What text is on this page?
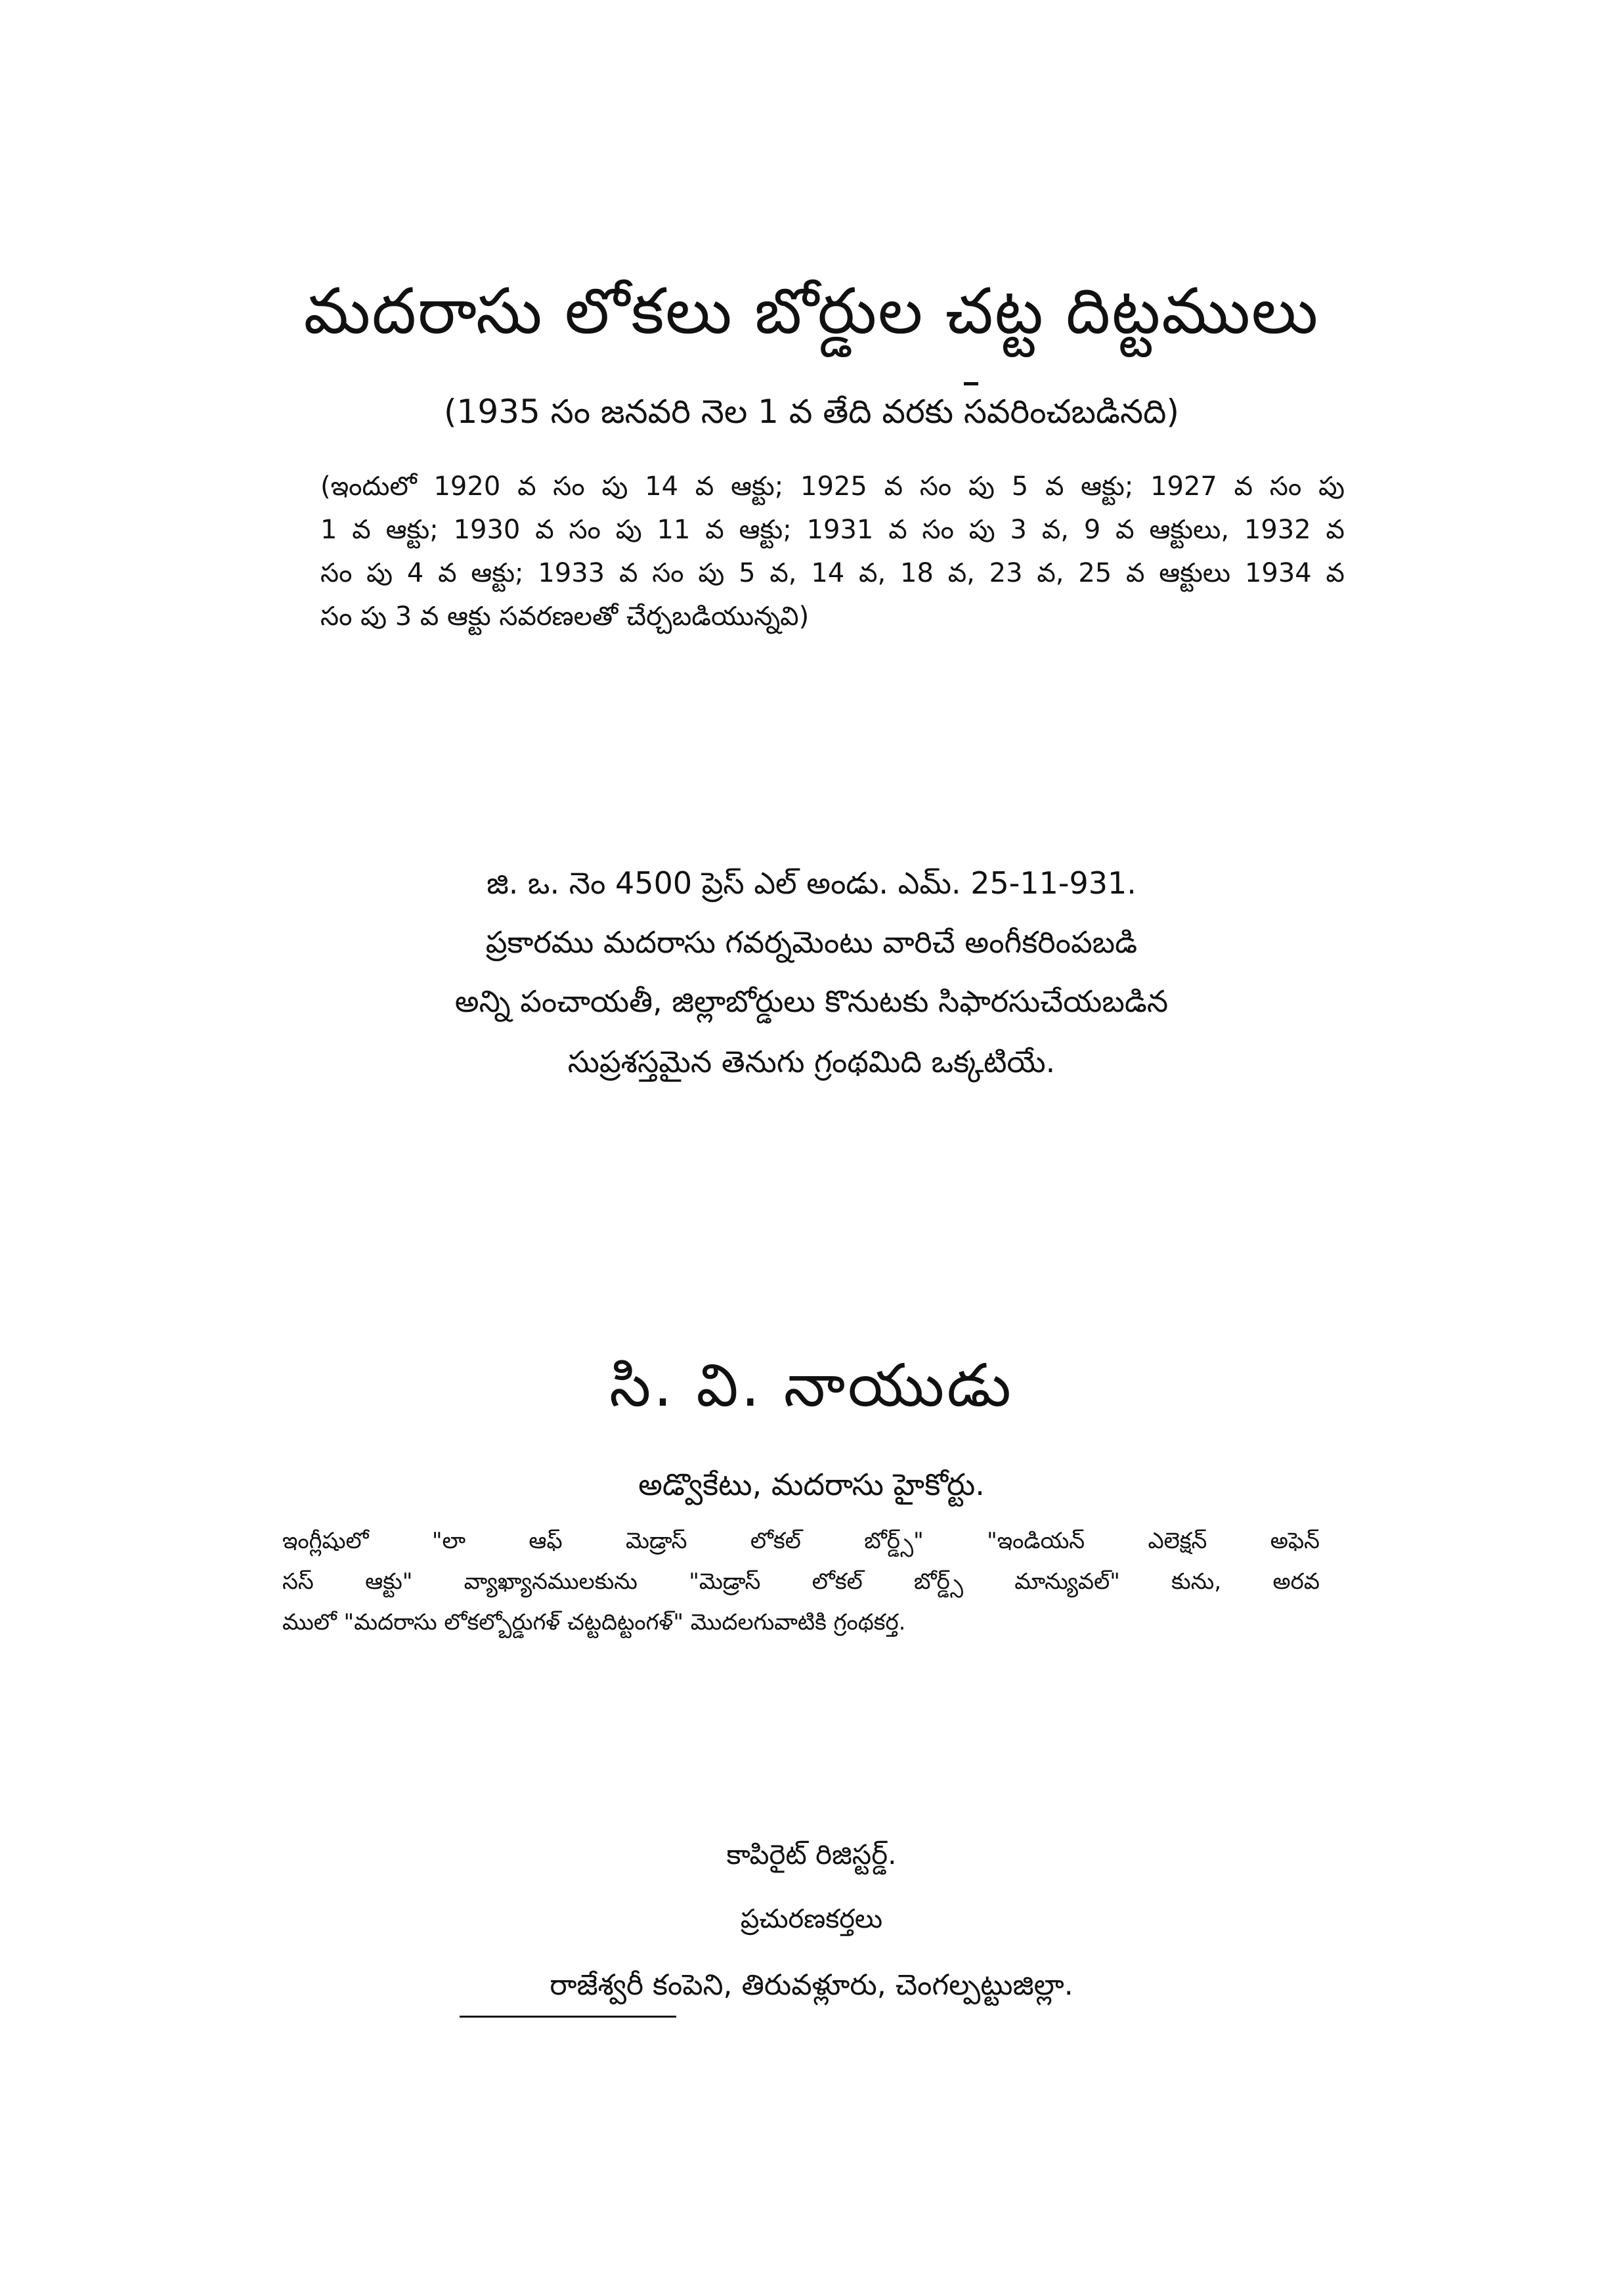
మదరాసు లోకలు బోర్డుల చట్ట దిట్టములు
(1935 సం జనవరి నెల 1 వ తేది వరకు సవరించబడినది)
(ఇందులో 1920 వ సం పు 14 వ ఆక్టు; 1925 వ సం పు 5 వ ఆక్టు; 1927 వ సం పు
1 వ ఆక్టు; 1930 వ సం పు 11 వ ఆక్టు; 1931 వ సం పు 3 వ, 9 వ ఆక్టులు, 1932 వ
సం పు 4 వ ఆక్టు; 1933 వ సం పు 5 వ, 14 వ, 18 వ, 23 వ, 25 వ ఆక్టులు 1934 వ
సం పు 3 వ ఆక్టు సవరణలతో చేర్చబడియున్నవి)
జి. ఒ. నెం 4500 ప్రెస్ ఎల్ అండు. ఎమ్. 25-11-931.
ప్రకారము మదరాసు గవర్నమెంటు వారిచే అంగీకరింపబడి
అన్ని పంచాయతీ, జిల్లాబోర్డులు కొనుటకు సిఫారసుచేయబడిన
సుప్రశస్తమైన తెనుగు గ్రంథమిది ఒక్కటియే.
సి. వి. నాయుడు
అడ్వొకేటు, మదరాసు హైకోర్టు.
ఇంగ్లీషులో "లా ఆఫ్ మెడ్రాస్ లోకల్ బోర్డ్స్" "ఇండియన్ ఎలెక్షన్ అఫెన్
సస్ ఆక్టు" వ్యాఖ్యానములకును "మెడ్రాస్ లోకల్ బోర్డ్స్ మాన్యువల్" కును, అరవ
ములో "మదరాసు లోకల్బోర్డుగళ్ చట్టదిట్టంగళ్" మొదలగువాటికి గ్రంథకర్త.
కాపిరైట్ రిజిస్టర్డ్.
ప్రచురణకర్తలు
రాజేశ్వరీ కంపెని, తిరువళ్లూరు, చెంగల్పట్టుజిల్లా.
